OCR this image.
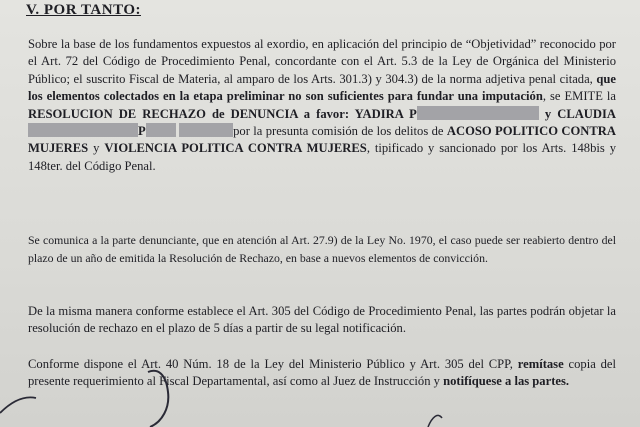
V. POR TANTO:
Sobre la base de los fundamentos expuestos al exordio, en aplicación del principio de “Objetividad” reconocido por el Art. 72 del Código de Procedimiento Penal, concordante con el Art. 5.3 de la Ley de Orgánica del Ministerio Público; el suscrito Fiscal de Materia, al amparo de los Arts. 301.3) y 304.3) de la norma adjetiva penal citada, que los elementos colectados en la etapa preliminar no son suficientes para fundar una imputación, se EMITE la RESOLUCION DE RECHAZO de DENUNCIA a favor: YADIRA P	y CLAUDIA P	por la presunta comisión de los delitos de ACOSO POLITICO CONTRA MUJERES y VIOLENCIA POLITICA CONTRA MUJERES, tipificado y sancionado por los Arts. 148bis y 148ter. del Código Penal.
Se comunica a la parte denunciante, que en atención al Art. 27.9) de la Ley No. 1970, el caso puede ser reabierto dentro del plazo de un año de emitida la Resolución de Rechazo, en base a nuevos elementos de convicción.
De la misma manera conforme establece el Art. 305 del Código de Procedimiento Penal, las partes podrán objetar la resolución de rechazo en el plazo de 5 días a partir de su legal notificación.
Conforme dispone el Art. 40 Núm. 18 de la Ley del Ministerio Público y Art. 305 del CPP, remítase copia del presente requerimiento al Fiscal Departamental, así como al Juez de Instrucción y notifíquese a las partes.
